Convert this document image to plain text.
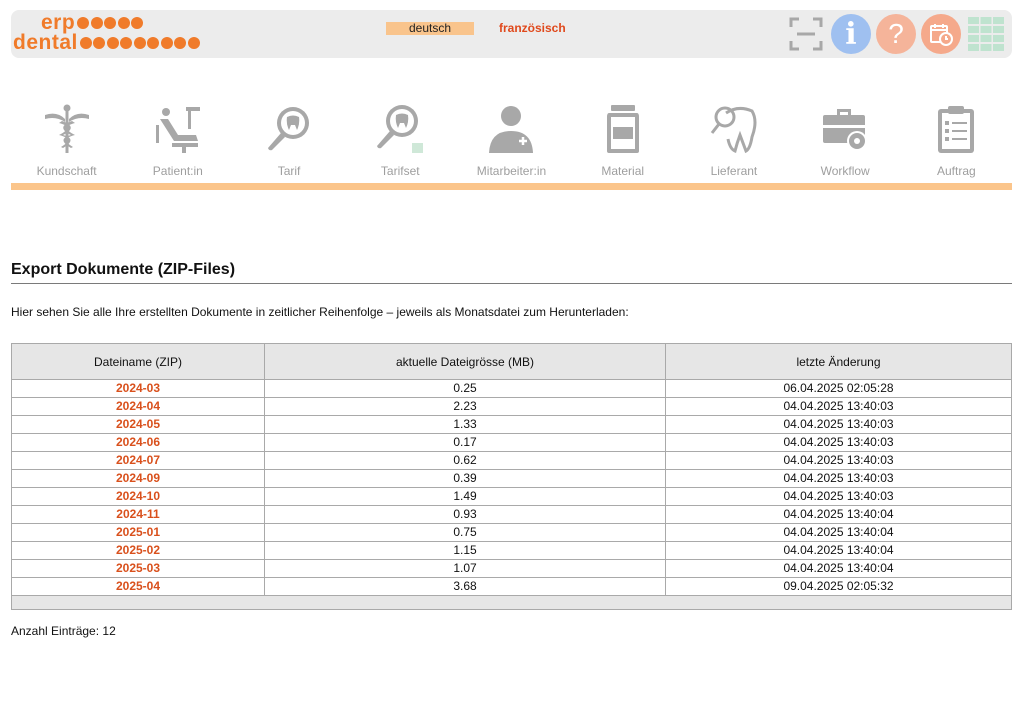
erp
dental
deutsch	französisch	i	?
Kundschaft	Patient:in	Tarif	Tarifset	Mitarbeiter:in	Material	Lieferant	Workflow	Auftrag
Export Dokumente (ZIP-Files)
Hier sehen Sie alle Ihre erstellten Dokumente in zeitlicher Reihenfolge – jeweils als Monatsdatei zum Herunterladen:
Dateiname (ZIP)	aktuelle Dateigrösse (MB)	letzte Änderung
2024-03	0.25	06.04.2025 02:05:28
2024-04	2.23	04.04.2025 13:40:03
2024-05	1.33	04.04.2025 13:40:03
2024-06	0.17	04.04.2025 13:40:03
2024-07	0.62	04.04.2025 13:40:03
2024-09	0.39	04.04.2025 13:40:03
2024-10	1.49	04.04.2025 13:40:03
2024-11	0.93	04.04.2025 13:40:04
2025-01	0.75	04.04.2025 13:40:04
2025-02	1.15	04.04.2025 13:40:04
2025-03	1.07	04.04.2025 13:40:04
2025-04	3.68	09.04.2025 02:05:32

Anzahl Einträge: 12
